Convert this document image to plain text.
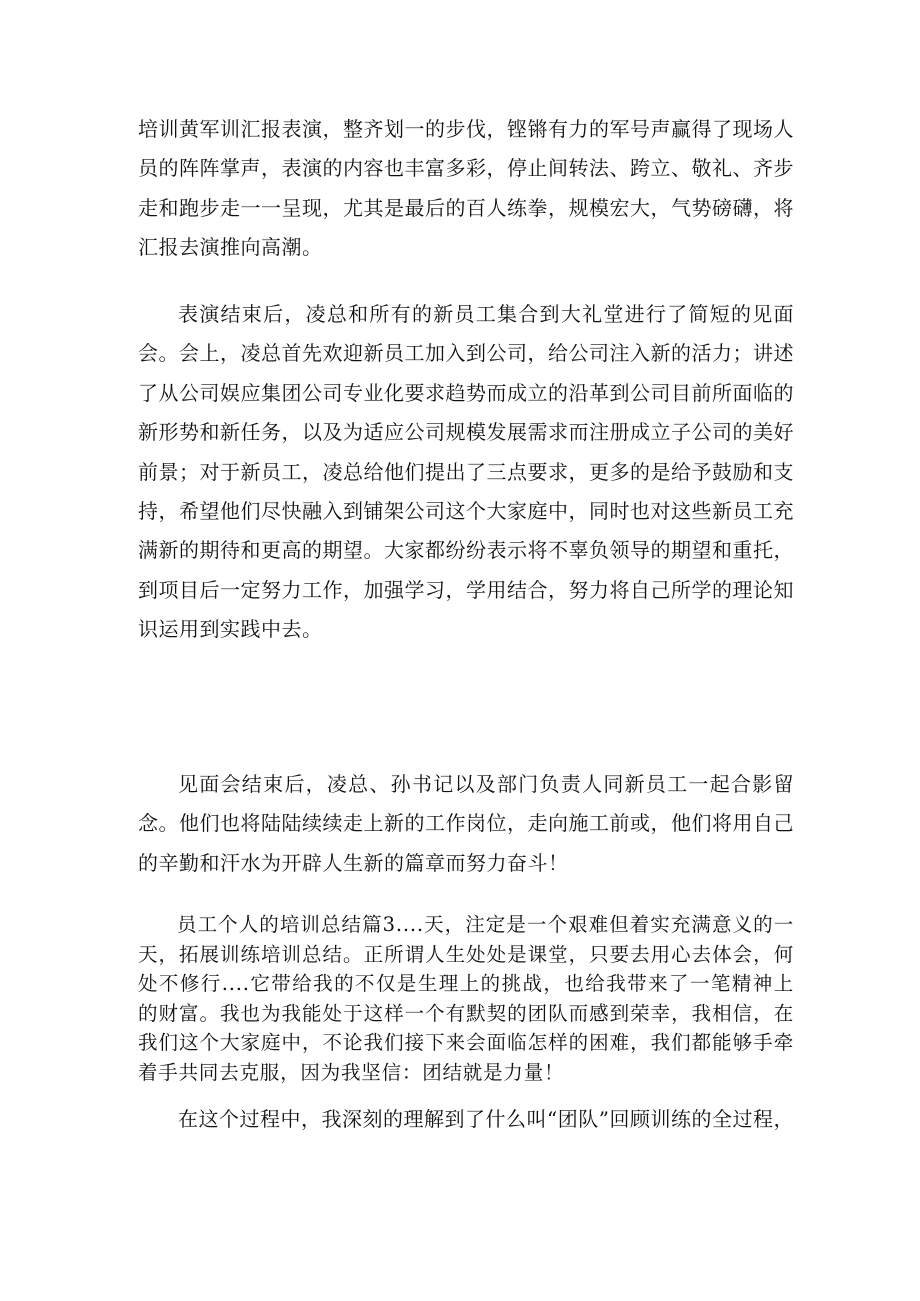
培训黄军训汇报表演，整齐划一的步伐，铿锵有力的军号声赢得了现场人员的阵阵掌声，表演的内容也丰富多彩，停止间转法、跨立、敬礼、齐步走和跑步走一一呈现，尤其是最后的百人练拳，规模宏大，气势磅礴，将汇报去演推向高潮。

表演结束后，凌总和所有的新员工集合到大礼堂进行了简短的见面会。会上，凌总首先欢迎新员工加入到公司，给公司注入新的活力；讲述了从公司娱应集团公司专业化要求趋势而成立的沿革到公司目前所面临的新形势和新任务，以及为适应公司规模发展需求而注册成立子公司的美好前景；对于新员工，凌总给他们提出了三点要求，更多的是给予鼓励和支持，希望他们尽快融入到铺架公司这个大家庭中，同时也对这些新员工充满新的期待和更高的期望。大家都纷纷表示将不辜负领导的期望和重托，到项目后一定努力工作，加强学习，学用结合，努力将自己所学的理论知识运用到实践中去。

见面会结束后，凌总、孙书记以及部门负责人同新员工一起合影留念。他们也将陆陆续续走上新的工作岗位，走向施工前或，他们将用自己的辛勤和汗水为开辟人生新的篇章而努力奋斗！

员工个人的培训总结篇3....天，注定是一个艰难但着实充满意义的一天，拓展训练培训总结。正所谓人生处处是课堂，只要去用心去体会，何处不修行....它带给我的不仅是生理上的挑战，也给我带来了一笔精神上的财富。我也为我能处于这样一个有默契的团队而感到荣幸，我相信，在我们这个大家庭中，不论我们接下来会面临怎样的困难，我们都能够手牵着手共同去克服，因为我坚信：团结就是力量！

在这个过程中，我深刻的理解到了什么叫“团队”回顾训练的全过程，
